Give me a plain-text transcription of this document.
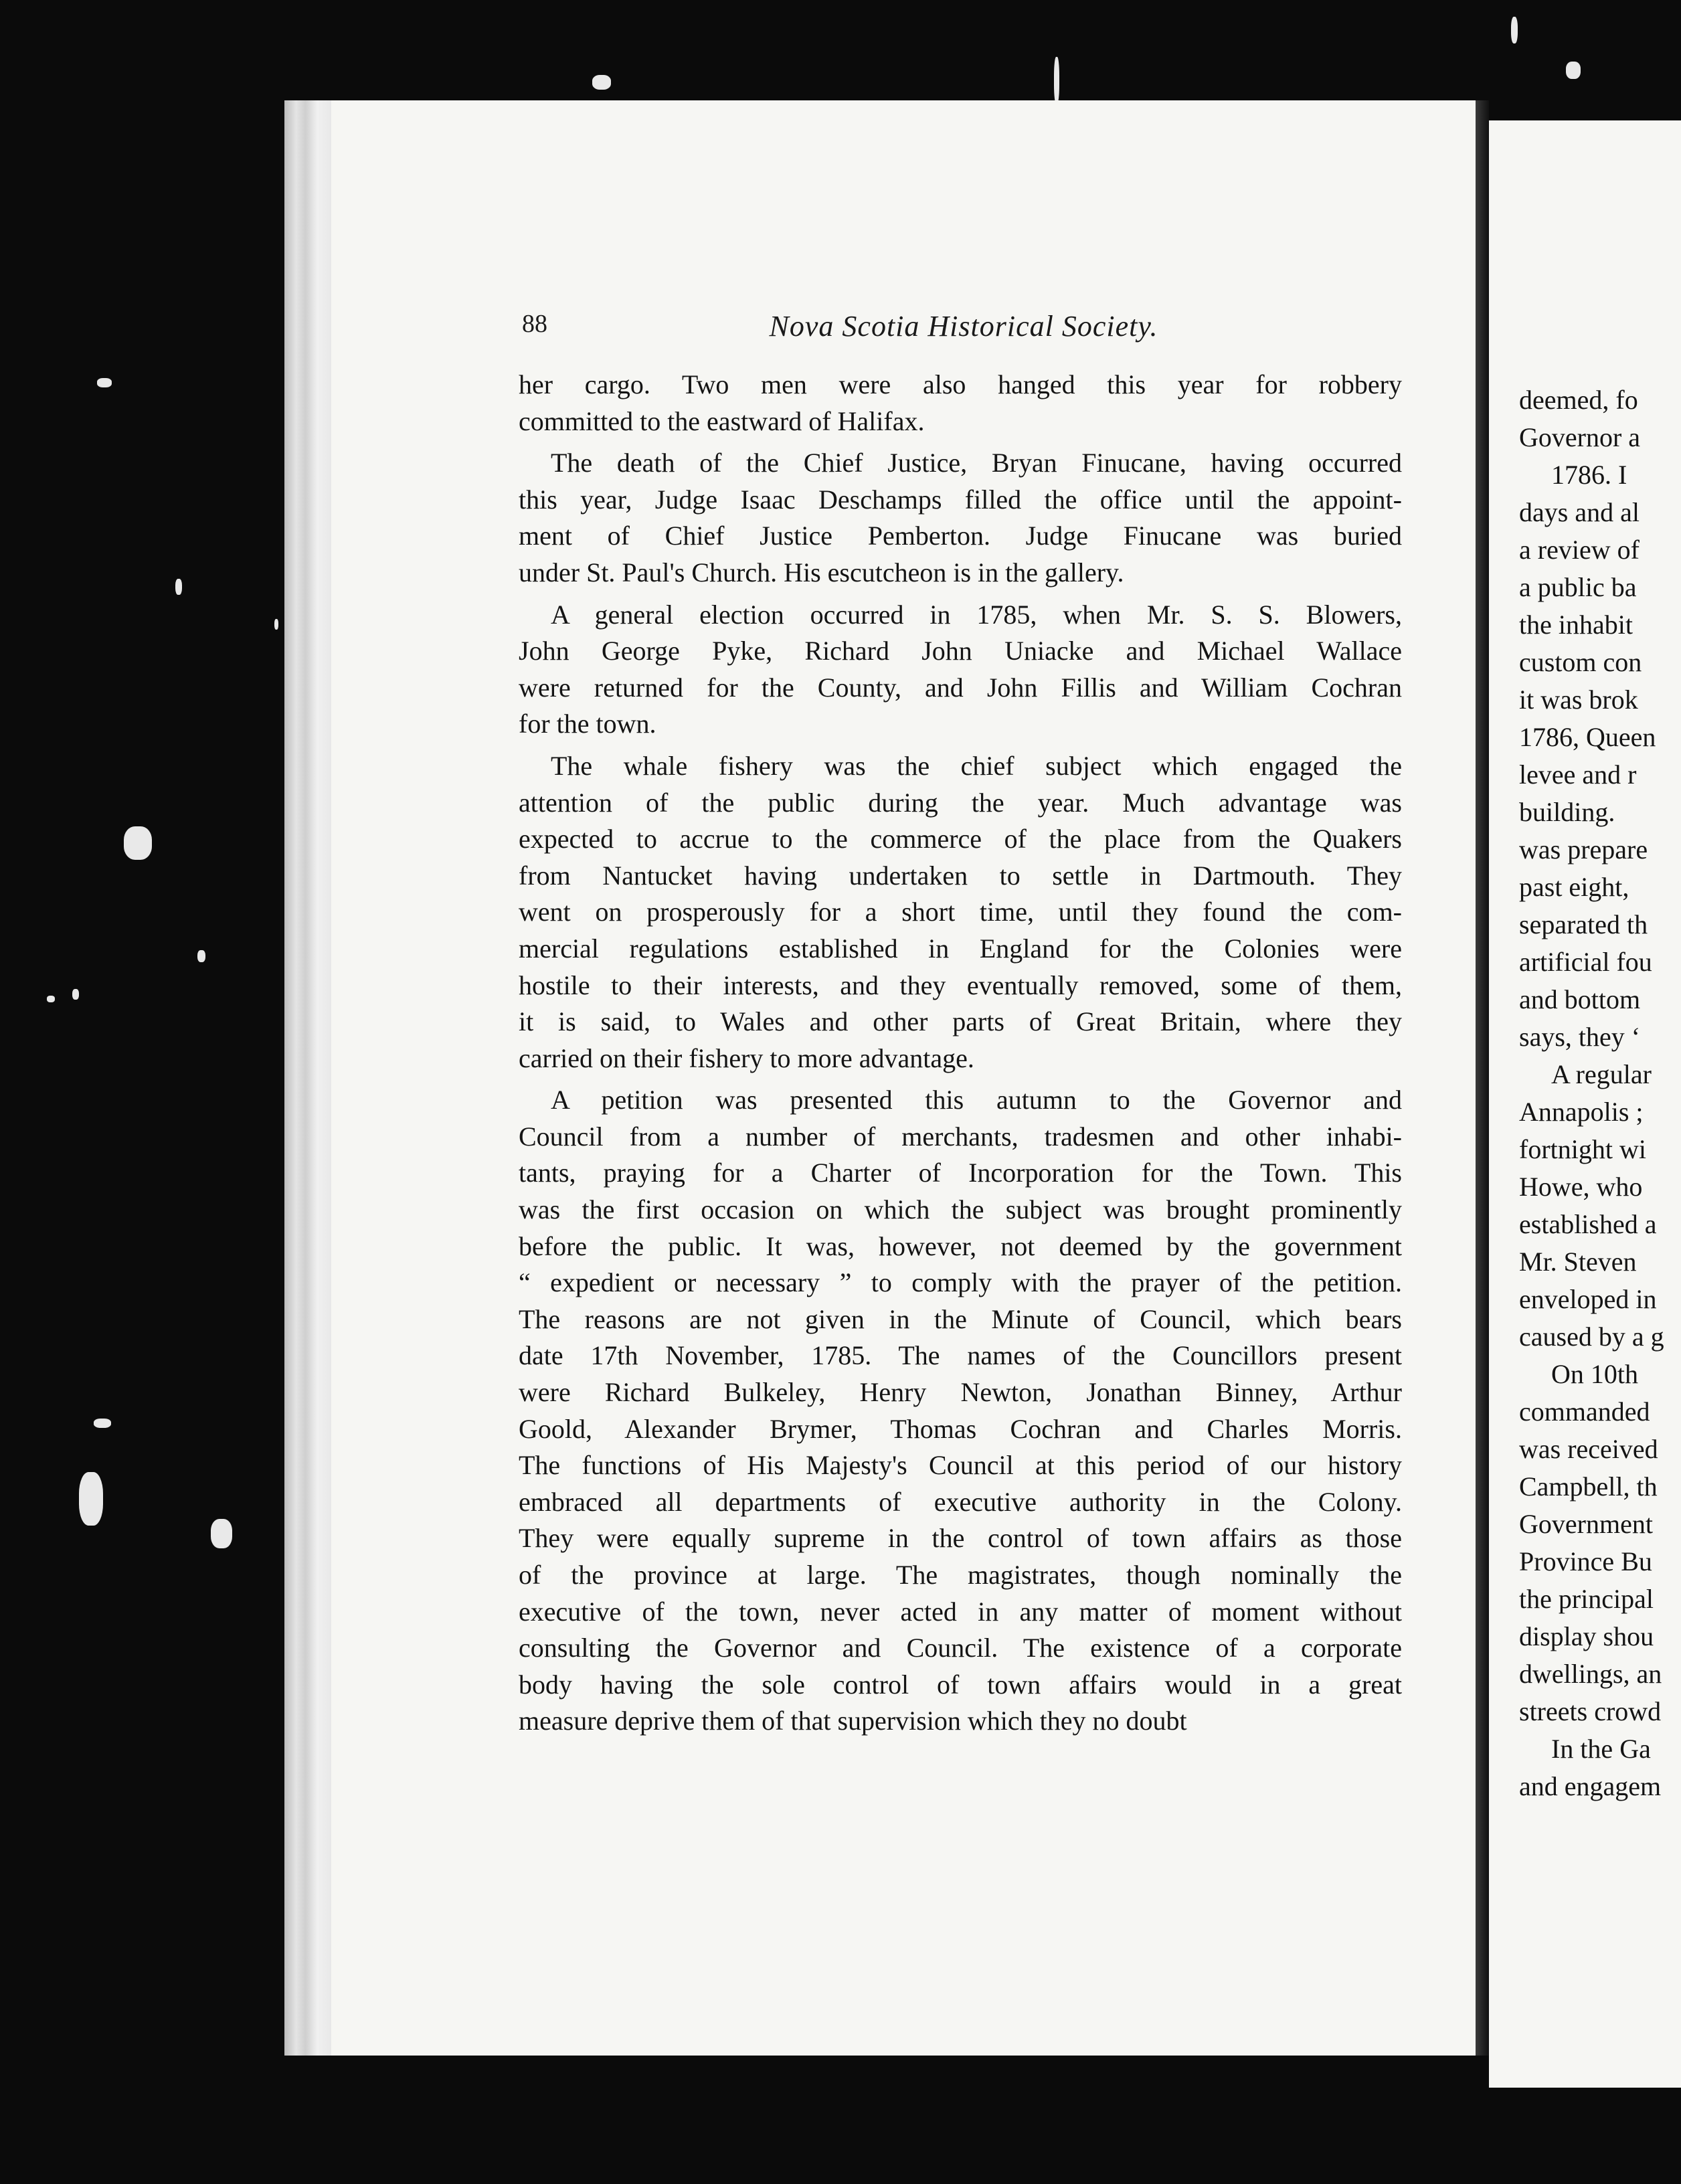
88	Nova Scotia Historical Society.
her cargo. Two men were also hanged this year for robbery
committed to the eastward of Halifax.
The death of the Chief Justice, Bryan Finucane, having occurred
this year, Judge Isaac Deschamps filled the office until the appoint-
ment of Chief Justice Pemberton. Judge Finucane was buried
under St. Paul's Church. His escutcheon is in the gallery.
A general election occurred in 1785, when Mr. S. S. Blowers,
John George Pyke, Richard John Uniacke and Michael Wallace
were returned for the County, and John Fillis and William Cochran
for the town.
The whale fishery was the chief subject which engaged the
attention of the public during the year. Much advantage was
expected to accrue to the commerce of the place from the Quakers
from Nantucket having undertaken to settle in Dartmouth. They
went on prosperously for a short time, until they found the com-
mercial regulations established in England for the Colonies were
hostile to their interests, and they eventually removed, some of them,
it is said, to Wales and other parts of Great Britain, where they
carried on their fishery to more advantage.
A petition was presented this autumn to the Governor and
Council from a number of merchants, tradesmen and other inhabi-
tants, praying for a Charter of Incorporation for the Town. This
was the first occasion on which the subject was brought prominently
before the public. It was, however, not deemed by the government
“ expedient or necessary ” to comply with the prayer of the petition.
The reasons are not given in the Minute of Council, which bears
date 17th November, 1785. The names of the Councillors present
were Richard Bulkeley, Henry Newton, Jonathan Binney, Arthur
Goold, Alexander Brymer, Thomas Cochran and Charles Morris.
The functions of His Majesty's Council at this period of our history
embraced all departments of executive authority in the Colony.
They were equally supreme in the control of town affairs as those
of the province at large. The magistrates, though nominally the
executive of the town, never acted in any matter of moment without
consulting the Governor and Council. The existence of a corporate
body having the sole control of town affairs would in a great
measure deprive them of that supervision which they no doubt
deemed, fo
Governor a
1786. I
days and al
a review of
a public ba
the inhabit
custom con
it was brok
1786, Queen
levee and r
building.
was prepare
past eight,
separated th
artificial fou
and bottom
says, they ‘
A regular
Annapolis ;
fortnight wi
Howe, who
established a
Mr. Steven
enveloped in
caused by a g
On 10th
commanded
was received
Campbell, th
Government
Province Bu
the principal
display shou
dwellings, an
streets crowd
In the Ga
and engagem
